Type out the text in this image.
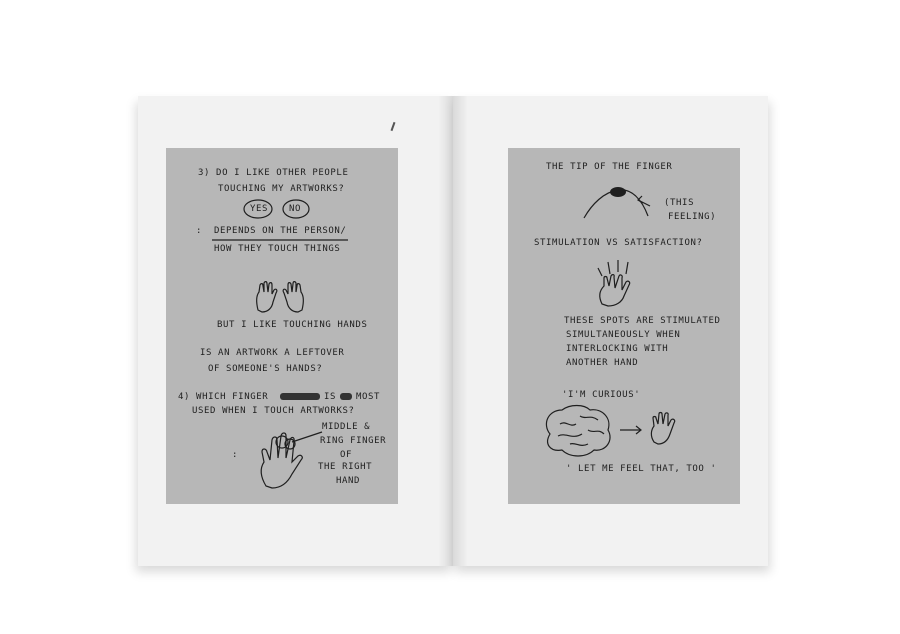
3) DO I LIKE OTHER PEOPLE
TOUCHING MY ARTWORKS?
YES NO
: DEPENDS ON THE PERSON/
HOW THEY TOUCH THINGS
BUT I LIKE TOUCHING HANDS
IS AN ARTWORK A LEFTOVER
OF SOMEONE'S HANDS?
4) WHICH FINGER	IS MOST
USED WHEN I TOUCH ARTWORKS?
:
MIDDLE &
RING FINGER
OF
THE RIGHT
HAND
THE TIP OF THE FINGER
(THIS
FEELING)
STIMULATION VS SATISFACTION?
THESE SPOTS ARE STIMULATED
SIMULTANEOUSLY WHEN
INTERLOCKING WITH
ANOTHER HAND
'I'M CURIOUS'
' LET ME FEEL THAT, TOO '
